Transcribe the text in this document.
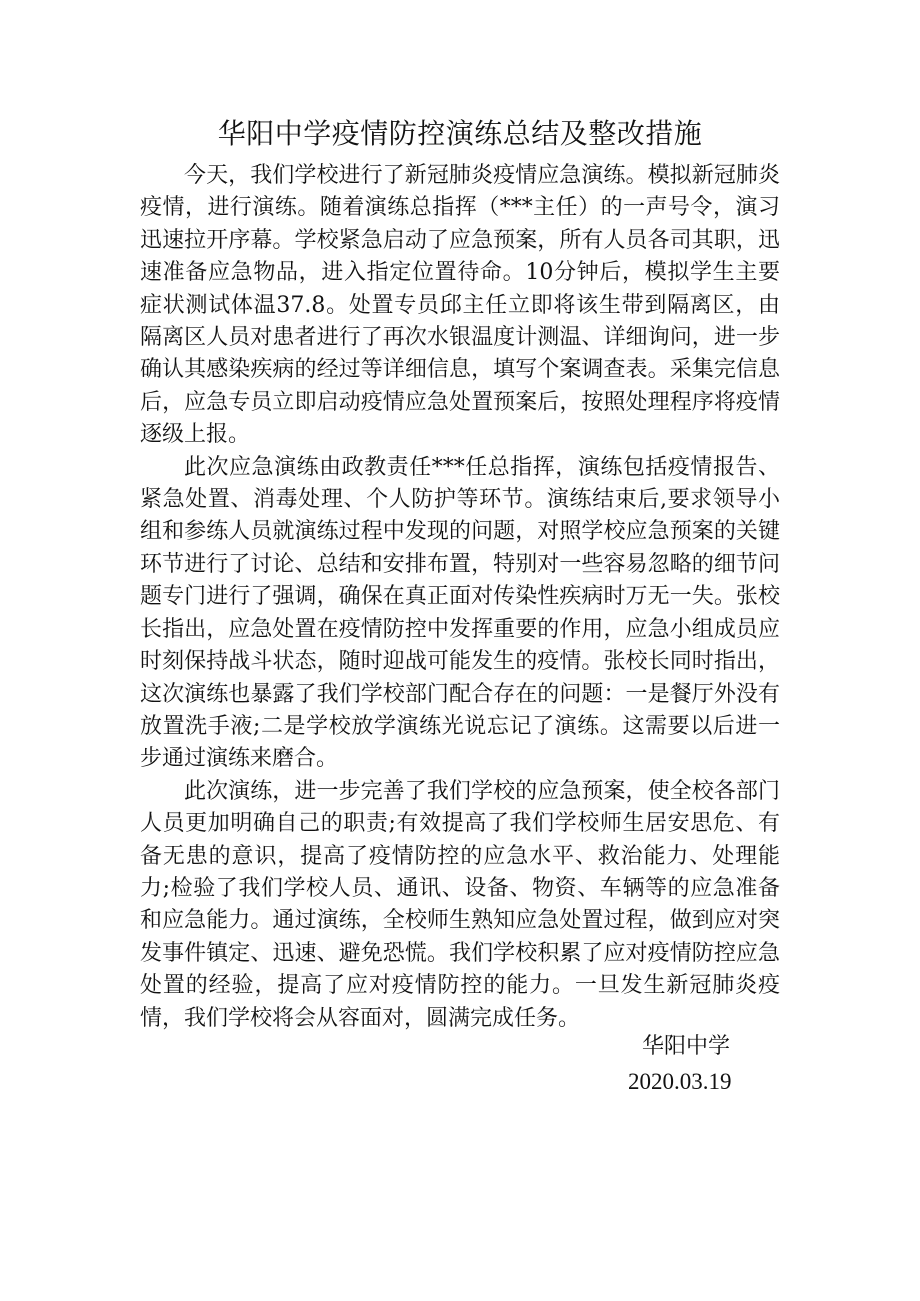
华阳中学疫情防控演练总结及整改措施

今天，我们学校进行了新冠肺炎疫情应急演练。模拟新冠肺炎疫情，进行演练。随着演练总指挥（***主任）的一声号令，演习迅速拉开序幕。学校紧急启动了应急预案，所有人员各司其职，迅速准备应急物品，进入指定位置待命。10分钟后，模拟学生主要症状测试体温37.8。处置专员邱主任立即将该生带到隔离区，由隔离区人员对患者进行了再次水银温度计测温、详细询问，进一步确认其感染疾病的经过等详细信息，填写个案调查表。采集完信息后，应急专员立即启动疫情应急处置预案后，按照处理程序将疫情逐级上报。

此次应急演练由政教责任***任总指挥，演练包括疫情报告、紧急处置、消毒处理、个人防护等环节。演练结束后,要求领导小组和参练人员就演练过程中发现的问题，对照学校应急预案的关键环节进行了讨论、总结和安排布置，特别对一些容易忽略的细节问题专门进行了强调，确保在真正面对传染性疾病时万无一失。张校长指出，应急处置在疫情防控中发挥重要的作用，应急小组成员应时刻保持战斗状态，随时迎战可能发生的疫情。张校长同时指出，这次演练也暴露了我们学校部门配合存在的问题：一是餐厅外没有放置洗手液;二是学校放学演练光说忘记了演练。这需要以后进一步通过演练来磨合。

此次演练，进一步完善了我们学校的应急预案，使全校各部门人员更加明确自己的职责;有效提高了我们学校师生居安思危、有备无患的意识，提高了疫情防控的应急水平、救治能力、处理能力;检验了我们学校人员、通讯、设备、物资、车辆等的应急准备和应急能力。通过演练，全校师生熟知应急处置过程，做到应对突发事件镇定、迅速、避免恐慌。我们学校积累了应对疫情防控应急处置的经验，提高了应对疫情防控的能力。一旦发生新冠肺炎疫情，我们学校将会从容面对，圆满完成任务。

华阳中学
2020.03.19
